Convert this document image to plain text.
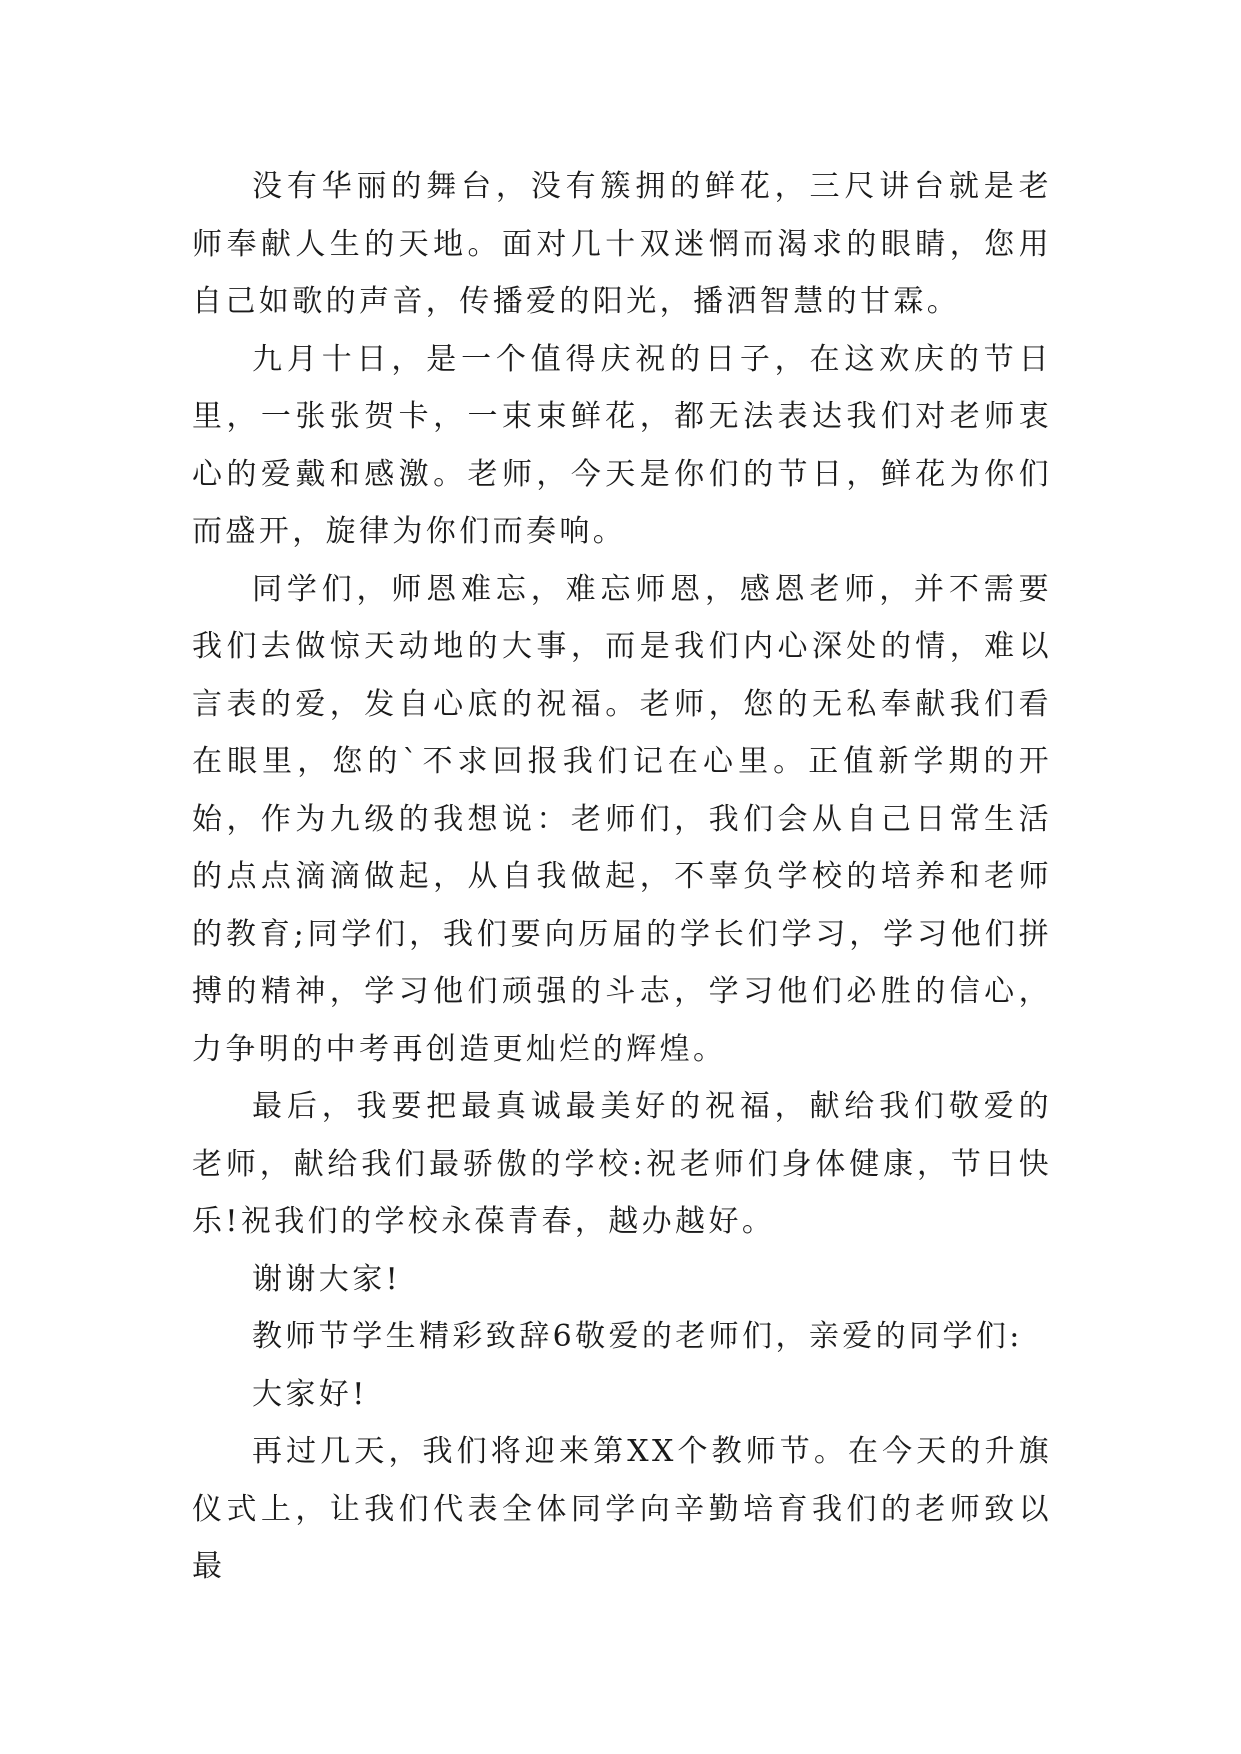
没有华丽的舞台，没有簇拥的鲜花，三尺讲台就是老师奉献人生的天地。面对几十双迷惘而渴求的眼睛，您用自己如歌的声音，传播爱的阳光，播洒智慧的甘霖。

九月十日，是一个值得庆祝的日子，在这欢庆的节日里，一张张贺卡，一束束鲜花，都无法表达我们对老师衷心的爱戴和感激。老师，今天是你们的节日，鲜花为你们而盛开，旋律为你们而奏响。

同学们，师恩难忘，难忘师恩，感恩老师，并不需要我们去做惊天动地的大事，而是我们内心深处的情，难以言表的爱，发自心底的祝福。老师，您的无私奉献我们看在眼里，您的`不求回报我们记在心里。正值新学期的开始，作为九级的我想说：老师们，我们会从自己日常生活的点点滴滴做起，从自我做起，不辜负学校的培养和老师的教育;同学们，我们要向历届的学长们学习，学习他们拼搏的精神，学习他们顽强的斗志，学习他们必胜的信心，力争明的中考再创造更灿烂的辉煌。

最后，我要把最真诚最美好的祝福，献给我们敬爱的老师，献给我们最骄傲的学校:祝老师们身体健康，节日快乐!祝我们的学校永葆青春，越办越好。

谢谢大家!

教师节学生精彩致辞6敬爱的老师们，亲爱的同学们:

大家好!

再过几天，我们将迎来第XX个教师节。在今天的升旗仪式上，让我们代表全体同学向辛勤培育我们的老师致以最
